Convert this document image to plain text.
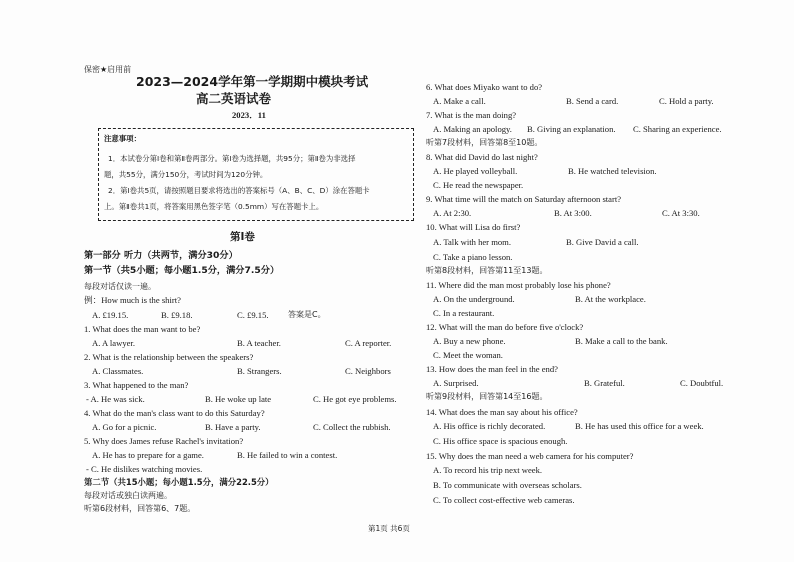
保密★启用前
2023—2024学年第一学期期中模块考试
高二英语试卷
2023．11
注意事项：
1．本试卷分第Ⅰ卷和第Ⅱ卷两部分。第Ⅰ卷为选择题，共95分；第Ⅱ卷为非选择
题，共55分，满分150分，考试时间为120分钟。
2．第Ⅰ卷共5页，请按照题目要求将选出的答案标号（A、B、C、D）涂在答题卡
上。第Ⅱ卷共1页，将答案用黑色签字笔（0.5mm）写在答题卡上。
第Ⅰ卷
第一部分 听力（共两节，满分30分）
第一节（共5小题；每小题1.5分，满分7.5分）
每段对话仅读一遍。
例：How much is the shirt?
A. £19.15.	B. £9.18.	C. £9.15. 答案是C。
1. What does the man want to be?
A. A lawyer.	B. A teacher.	C. A reporter.
2. What is the relationship between the speakers?
A. Classmates.	B. Strangers.	C. Neighbors
3. What happened to the man?
- A. He was sick.	B. He woke up late	C. He got eye problems.
4. What do the man's class want to do this Saturday?
A. Go for a picnic.	B. Have a party.	C. Collect the rubbish.
5. Why does James refuse Rachel's invitation?
A. He has to prepare for a game.	B. He failed to win a contest.
- C. He dislikes watching movies.
第二节（共15小题；每小题1.5分，满分22.5分）
每段对话或独白读两遍。
听第6段材料，回答第6、7题。
6. What does Miyako want to do?
A. Make a call.	B. Send a card.	C. Hold a party.
7. What is the man doing?
A. Making an apology. B. Giving an explanation. C. Sharing an experience.
听第7段材料，回答第8至10题。
8. What did David do last night?
A. He played volleyball.	B. He watched television.
C. He read the newspaper.
9. What time will the match on Saturday afternoon start?
A. At 2:30.	B. At 3:00.	C. At 3:30.
10. What will Lisa do first?
A. Talk with her mom.	B. Give David a call.
C. Take a piano lesson.
听第8段材料，回答第11至13题。
11. Where did the man most probably lose his phone?
A. On the underground.	B. At the workplace.
C. In a restaurant.
12. What will the man do before five o'clock?
A. Buy a new phone.	B. Make a call to the bank.
C. Meet the woman.
13. How does the man feel in the end?
A. Surprised.	B. Grateful.	C. Doubtful.
听第9段材料，回答第14至16题。
14. What does the man say about his office?
A. His office is richly decorated.	B. He has used this office for a week.
C. His office space is spacious enough.
15. Why does the man need a web camera for his computer?
A. To record his trip next week.
B. To communicate with overseas scholars.
C. To collect cost-effective web cameras.
第1页 共6页
